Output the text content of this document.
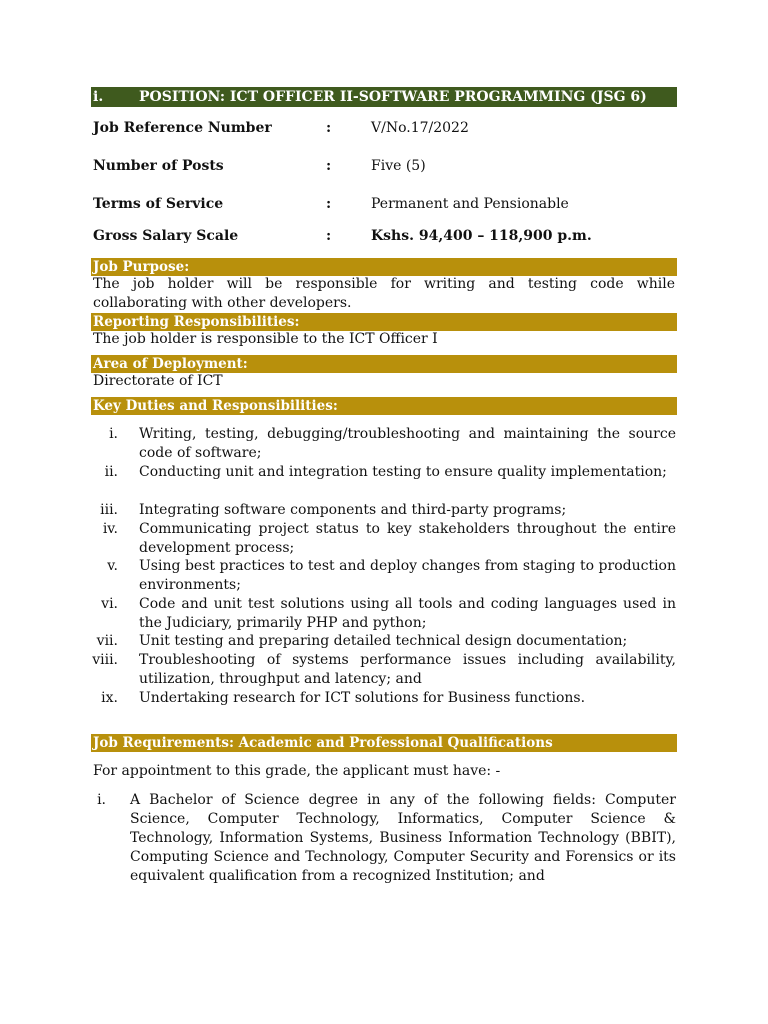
i.	POSITION: ICT OFFICER II-SOFTWARE PROGRAMMING (JSG 6)
Job Reference Number	:	V/No.17/2022
Number of Posts	:	Five (5)
Terms of Service	:	Permanent and Pensionable
Gross Salary Scale	:	Kshs. 94,400 – 118,900 p.m.
Job Purpose:

The job holder will be responsible for writing and testing code while collaborating with other developers.

Reporting Responsibilities:

The job holder is responsible to the ICT Officer I

Area of Deployment:

Directorate of ICT

Key Duties and Responsibilities:
i. Writing, testing, debugging/troubleshooting and maintaining the source code of software;
ii. Conducting unit and integration testing to ensure quality implementation;
iii. Integrating software components and third-party programs;
iv. Communicating project status to key stakeholders throughout the entire development process;
v. Using best practices to test and deploy changes from staging to production environments;
vi. Code and unit test solutions using all tools and coding languages used in the Judiciary, primarily PHP and python;
vii. Unit testing and preparing detailed technical design documentation;
viii. Troubleshooting of systems performance issues including availability, utilization, throughput and latency; and
ix. Undertaking research for ICT solutions for Business functions.
Job Requirements: Academic and Professional Qualifications

For appointment to this grade, the applicant must have: -

i. A Bachelor of Science degree in any of the following fields: Computer Science, Computer Technology, Informatics, Computer Science & Technology, Information Systems, Business Information Technology (BBIT), Computing Science and Technology, Computer Security and Forensics or its equivalent qualification from a recognized Institution; and
